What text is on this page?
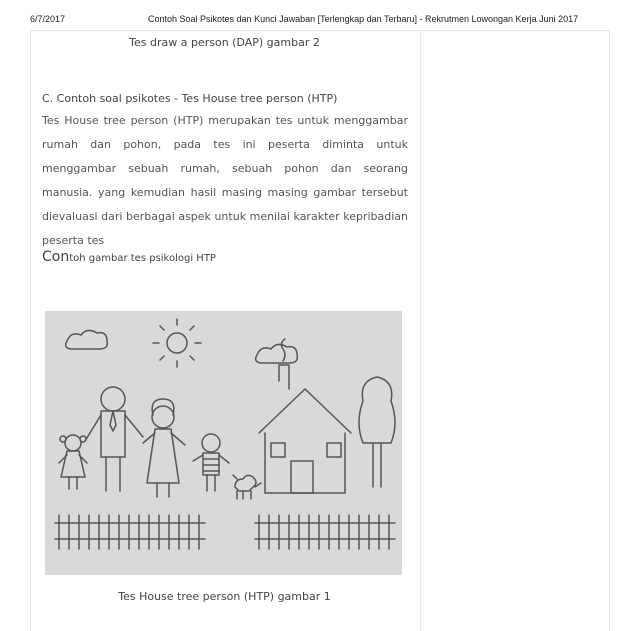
6/7/2017	Contoh Soal Psikotes dan Kunci Jawaban [Terlengkap dan Terbaru] - Rekrutmen Lowongan Kerja Juni 2017
Tes draw a person (DAP) gambar 2
C. Contoh soal psikotes - Tes House tree person (HTP)
Tes House tree person (HTP) merupakan tes untuk menggambar rumah dan pohon, pada tes ini peserta diminta untuk menggambar sebuah rumah, sebuah pohon dan seorang manusia. yang kemudian hasil masing masing gambar tersebut dievaluasi dari berbagai aspek untuk menilai karakter kepribadian peserta tes
Contoh gambar tes psikologi HTP
Tes House tree person (HTP) gambar 1
